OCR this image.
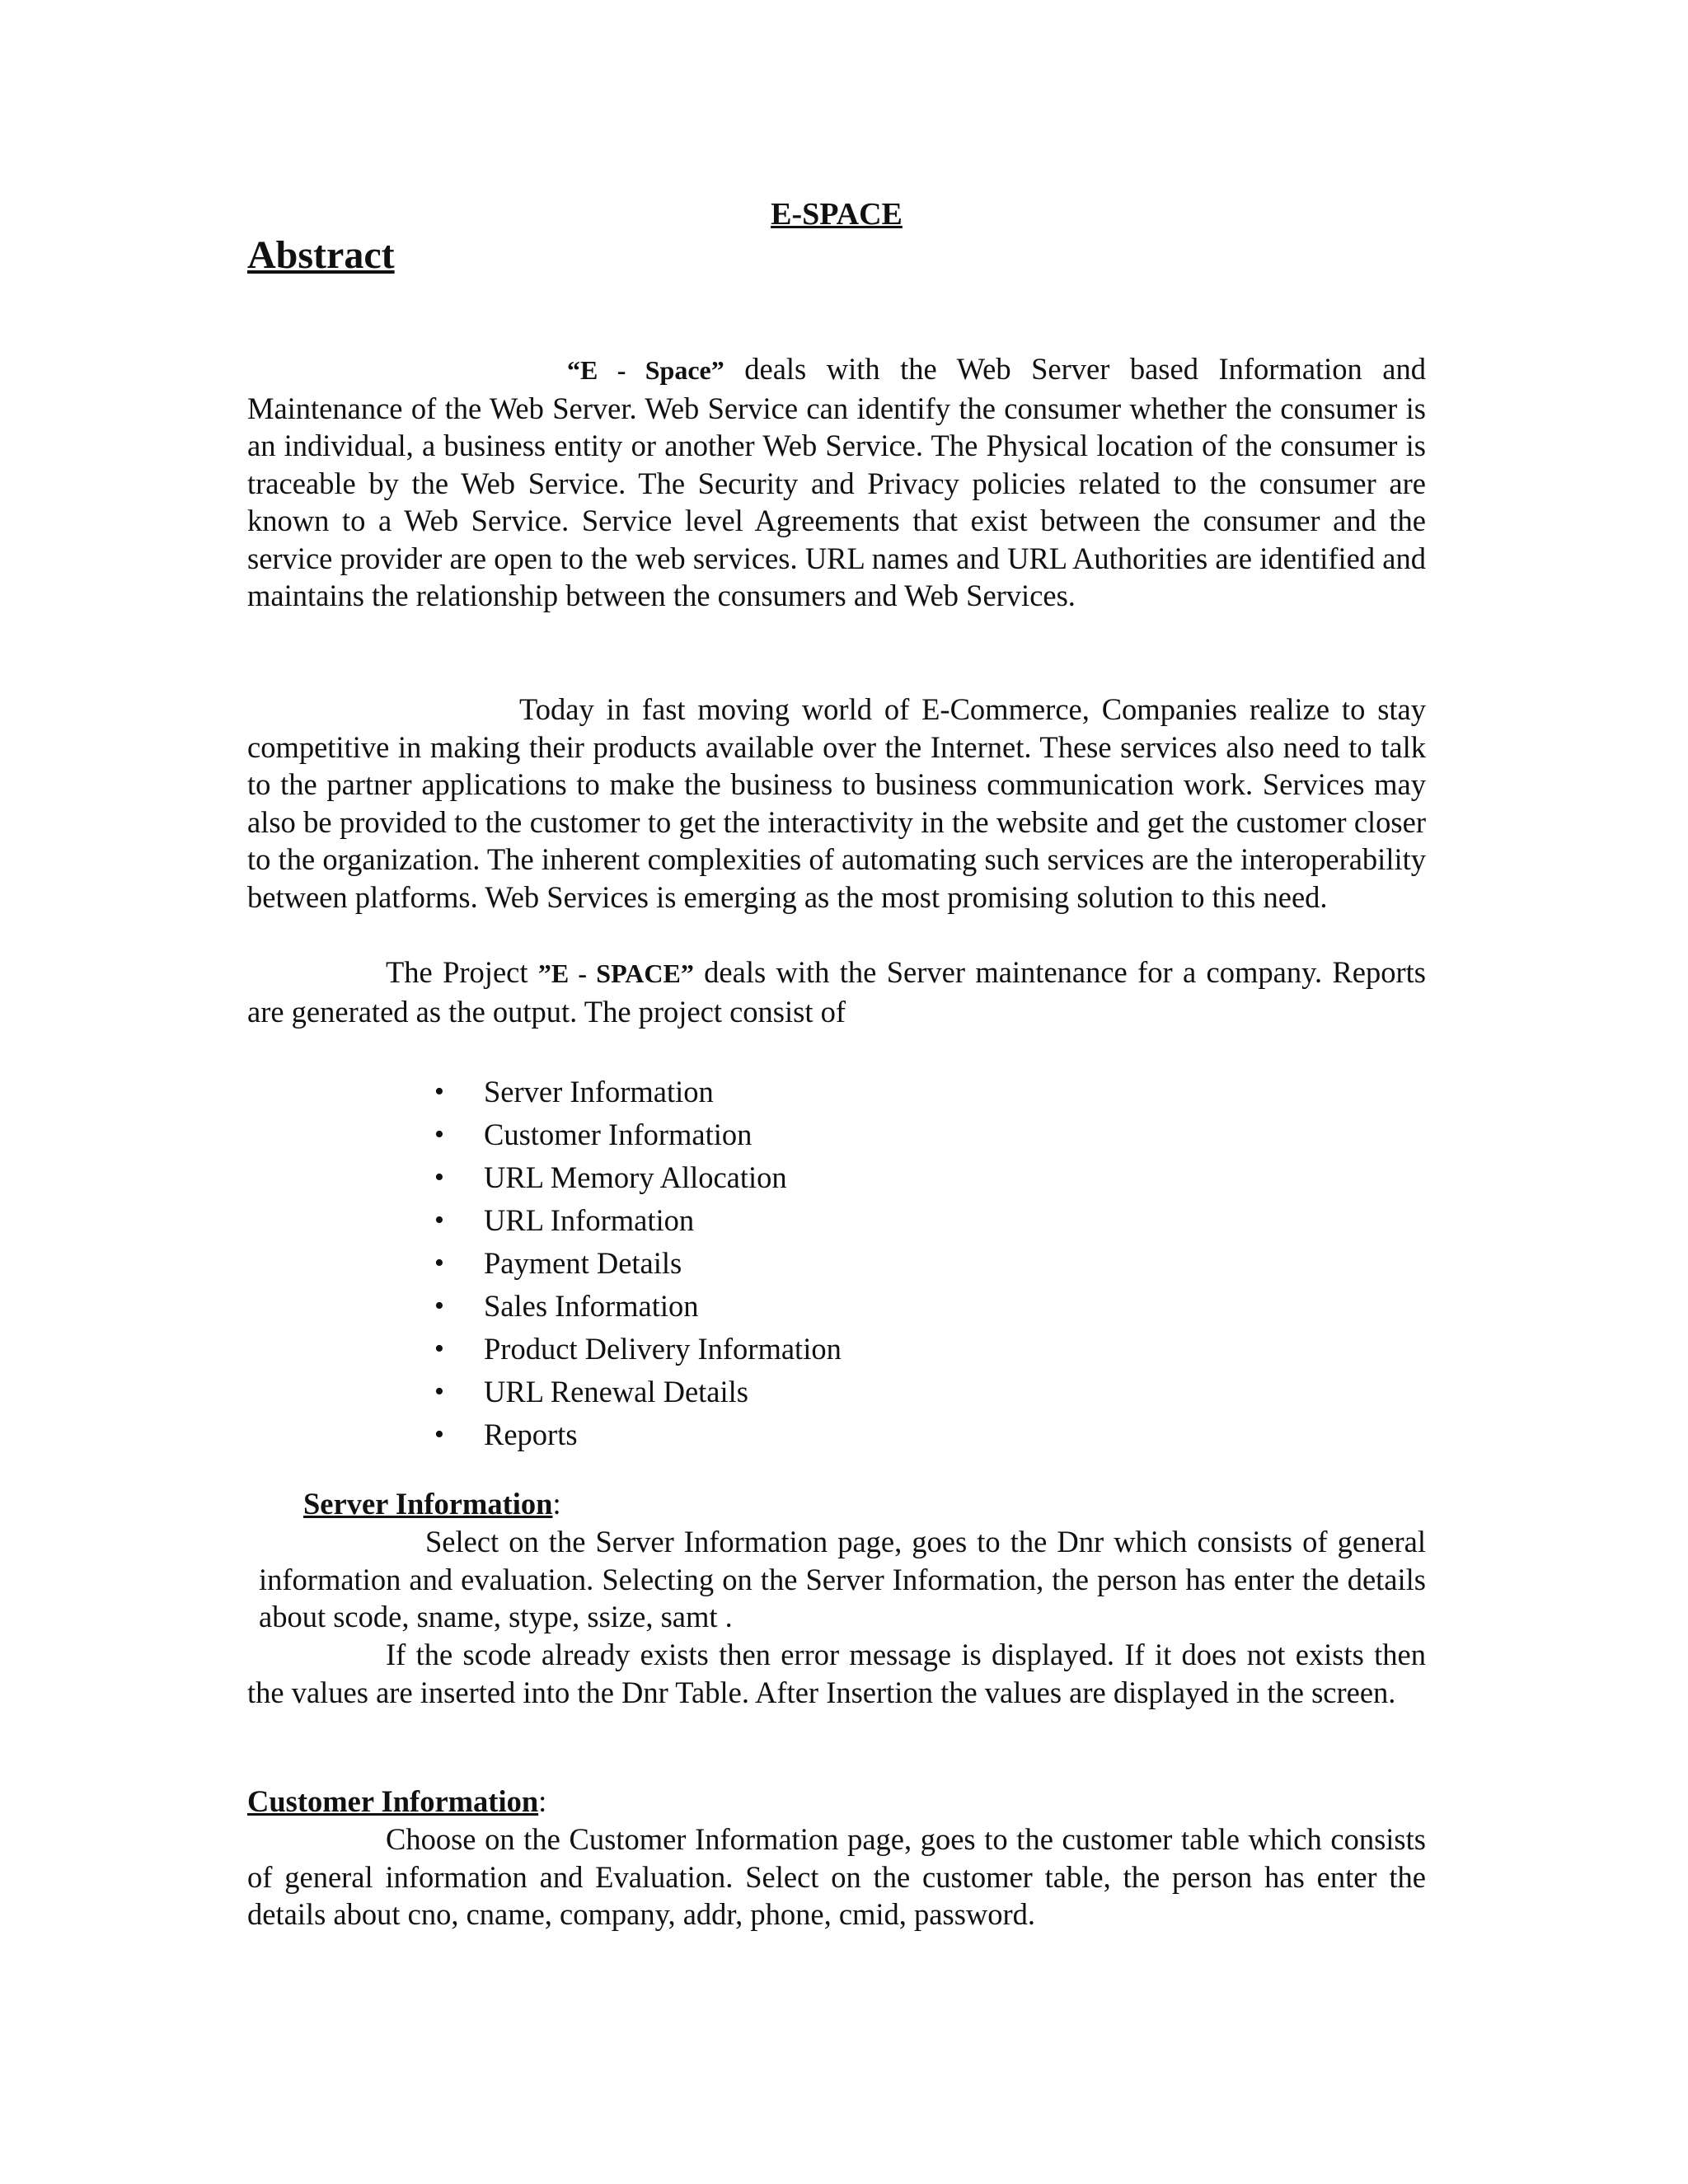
E-SPACE
Abstract

“E - Space” deals with the Web Server based Information and Maintenance of the Web Server. Web Service can identify the consumer whether the consumer is an individual, a business entity or another Web Service. The Physical location of the consumer is traceable by the Web Service. The Security and Privacy policies related to the consumer are known to a Web Service. Service level Agreements that exist between the consumer and the service provider are open to the web services. URL names and URL Authorities are identified and maintains the relationship between the consumers and Web Services.

Today in fast moving world of E-Commerce, Companies realize to stay competitive in making their products available over the Internet. These services also need to talk to the partner applications to make the business to business communication work. Services may also be provided to the customer to get the interactivity in the website and get the customer closer to the organization. The inherent complexities of automating such services are the interoperability between platforms. Web Services is emerging as the most promising solution to this need.

The Project ”E - SPACE” deals with the Server maintenance for a company. Reports are generated as the output. The project consist of

• Server Information
• Customer Information
• URL Memory Allocation
• URL Information
• Payment Details
• Sales Information
• Product Delivery Information
• URL Renewal Details
• Reports

Server Information:

Select on the Server Information page, goes to the Dnr which consists of general information and evaluation. Selecting on the Server Information, the person has enter the details about scode, sname, stype, ssize, samt .

If the scode already exists then error message is displayed. If it does not exists then the values are inserted into the Dnr Table. After Insertion the values are displayed in the screen.

Customer Information:

Choose on the Customer Information page, goes to the customer table which consists of general information and Evaluation. Select on the customer table, the person has enter the details about cno, cname, company, addr, phone, cmid, password.
